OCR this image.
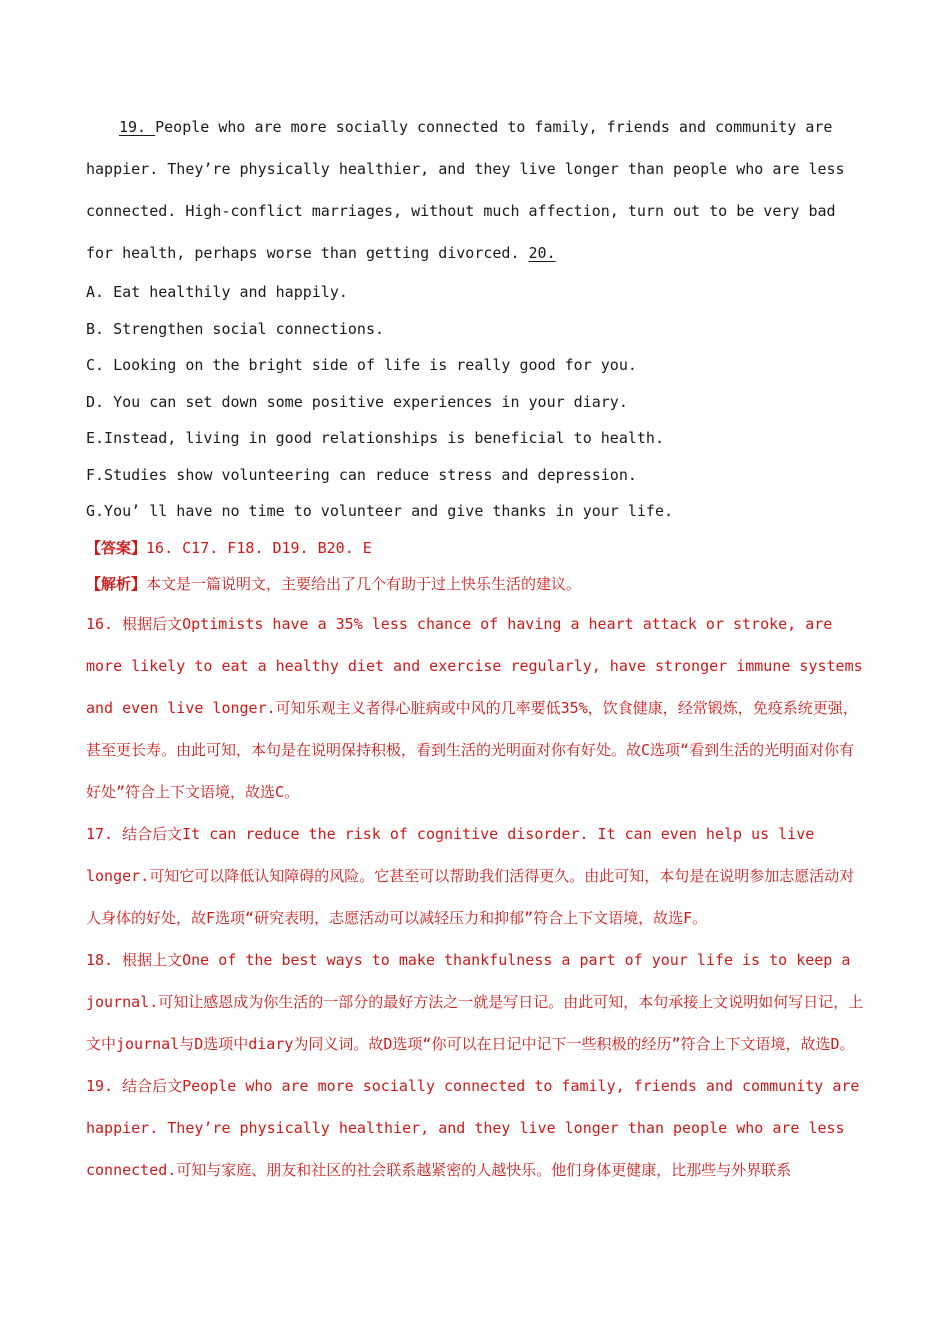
19. People who are more socially connected to family, friends and community are happier. They’re physically healthier, and they live longer than people who are less connected. High-conflict marriages, without much affection, turn out to be very bad for health, perhaps worse than getting divorced. 20.

A. Eat healthily and happily.

B. Strengthen social connections.

C. Looking on the bright side of life is really good for you.

D. You can set down some positive experiences in your diary.

E.Instead, living in good relationships is beneficial to health.

F.Studies show volunteering can reduce stress and depression.

G.You’ ll have no time to volunteer and give thanks in your life.

【答案】16. C17. F18. D19. B20. E

【解析】本文是一篇说明文，主要给出了几个有助于过上快乐生活的建议。

16. 根据后文Optimists have a 35% less chance of having a heart attack or stroke, are more likely to eat a healthy diet and exercise regularly, have stronger immune systems and even live longer.可知乐观主义者得心脏病或中风的几率要低35%，饮食健康，经常锻炼，免疫系统更强，甚至更长寿。由此可知，本句是在说明保持积极，看到生活的光明面对你有好处。故C选项“看到生活的光明面对你有好处”符合上下文语境，故选C。

17. 结合后文It can reduce the risk of cognitive disorder. It can even help us live longer.可知它可以降低认知障碍的风险。它甚至可以帮助我们活得更久。由此可知，本句是在说明参加志愿活动对人身体的好处，故F选项“研究表明，志愿活动可以减轻压力和抑郁”符合上下文语境，故选F。

18. 根据上文One of the best ways to make thankfulness a part of your life is to keep a journal.可知让感恩成为你生活的一部分的最好方法之一就是写日记。由此可知，本句承接上文说明如何写日记，上文中journal与D选项中diary为同义词。故D选项“你可以在日记中记下一些积极的经历”符合上下文语境，故选D。

19. 结合后文People who are more socially connected to family, friends and community are happier. They’re physically healthier, and they live longer than people who are less connected.可知与家庭、朋友和社区的社会联系越紧密的人越快乐。他们身体更健康，比那些与外界联系
